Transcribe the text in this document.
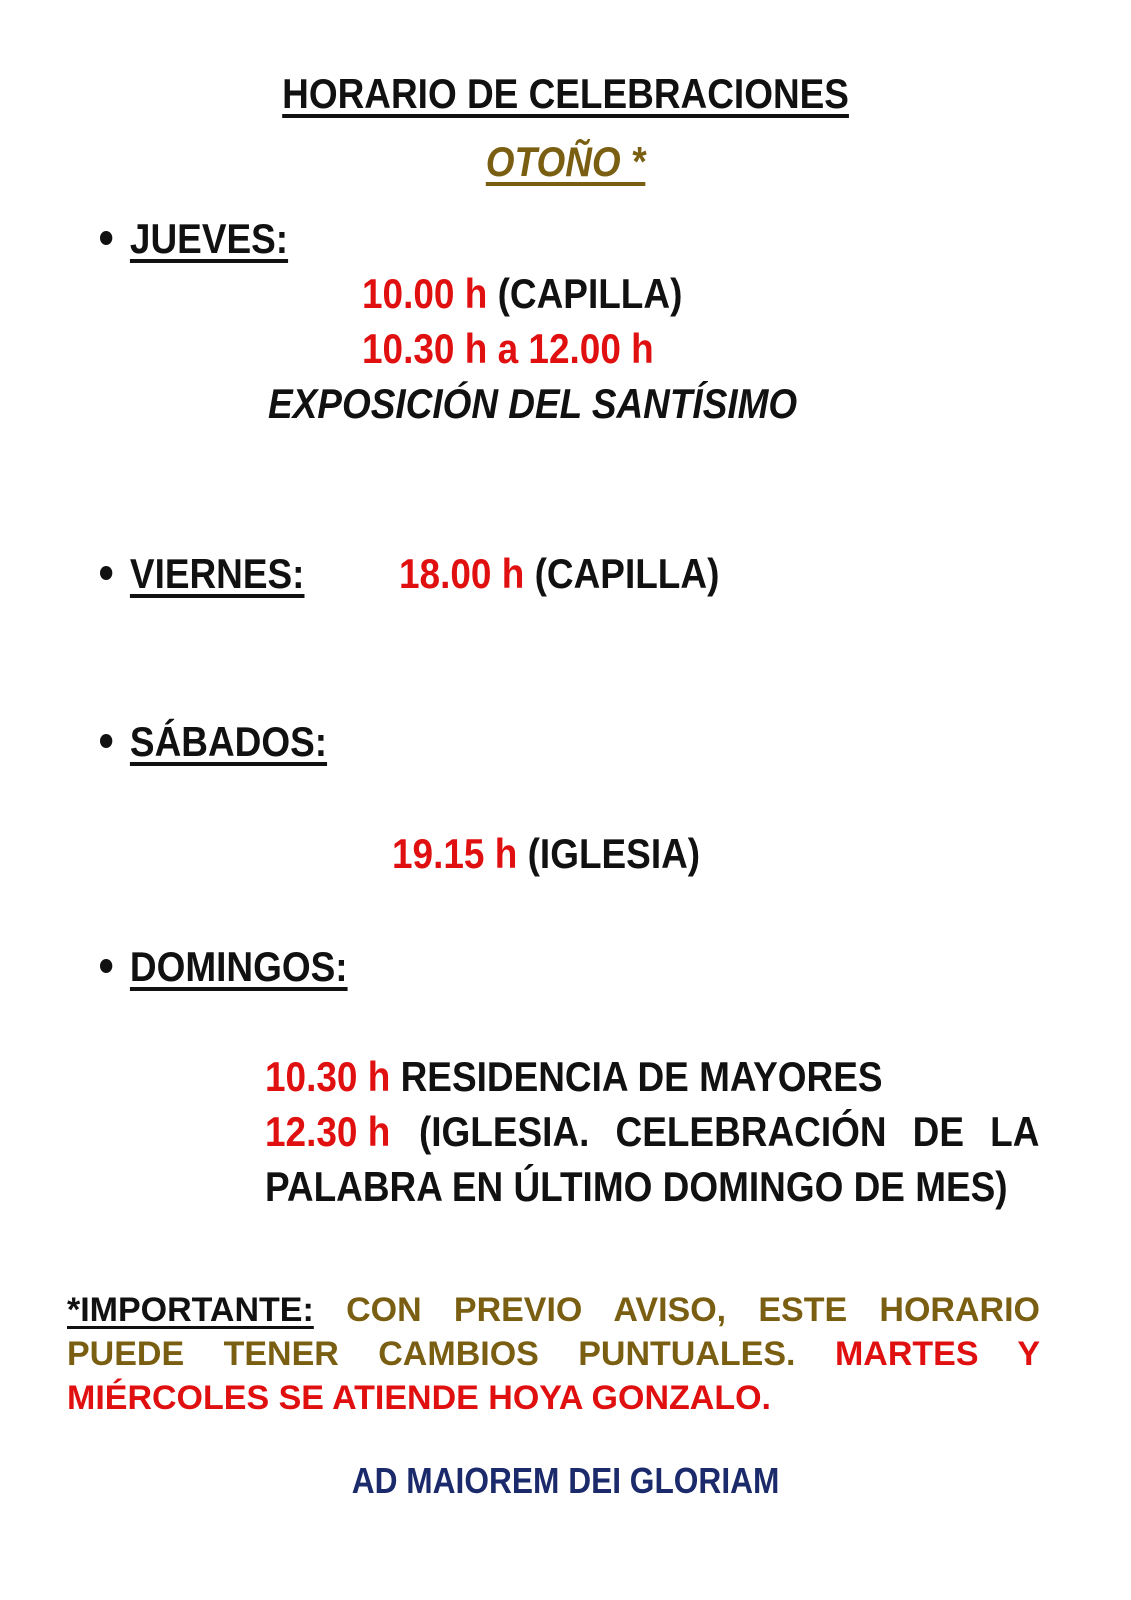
HORARIO DE CELEBRACIONES
OTOÑO *
JUEVES:
10.00 h (CAPILLA)
10.30 h a 12.00 h
EXPOSICIÓN DEL SANTÍSIMO
VIERNES: 18.00 h (CAPILLA)
SÁBADOS:
19.15 h (IGLESIA)
DOMINGOS:
10.30 h RESIDENCIA DE MAYORES
12.30 h (IGLESIA. CELEBRACIÓN DE LA
PALABRA EN ÚLTIMO DOMINGO DE MES)
*IMPORTANTE: CON PREVIO AVISO, ESTE HORARIO PUEDE TENER CAMBIOS PUNTUALES. MARTES Y MIÉRCOLES SE ATIENDE HOYA GONZALO.
AD MAIOREM DEI GLORIAM
